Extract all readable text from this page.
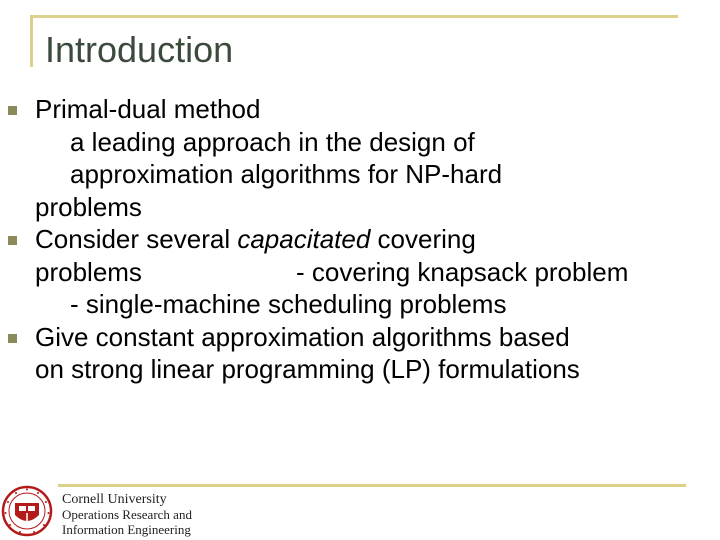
Introduction
Primal-dual method
a leading approach in the design of
approximation algorithms for NP-hard
problems
Consider several capacitated covering
problems	- covering knapsack problem
- single-machine scheduling problems
Give constant approximation algorithms based
on strong linear programming (LP) formulations
Cornell University
Operations Research and
Information Engineering
